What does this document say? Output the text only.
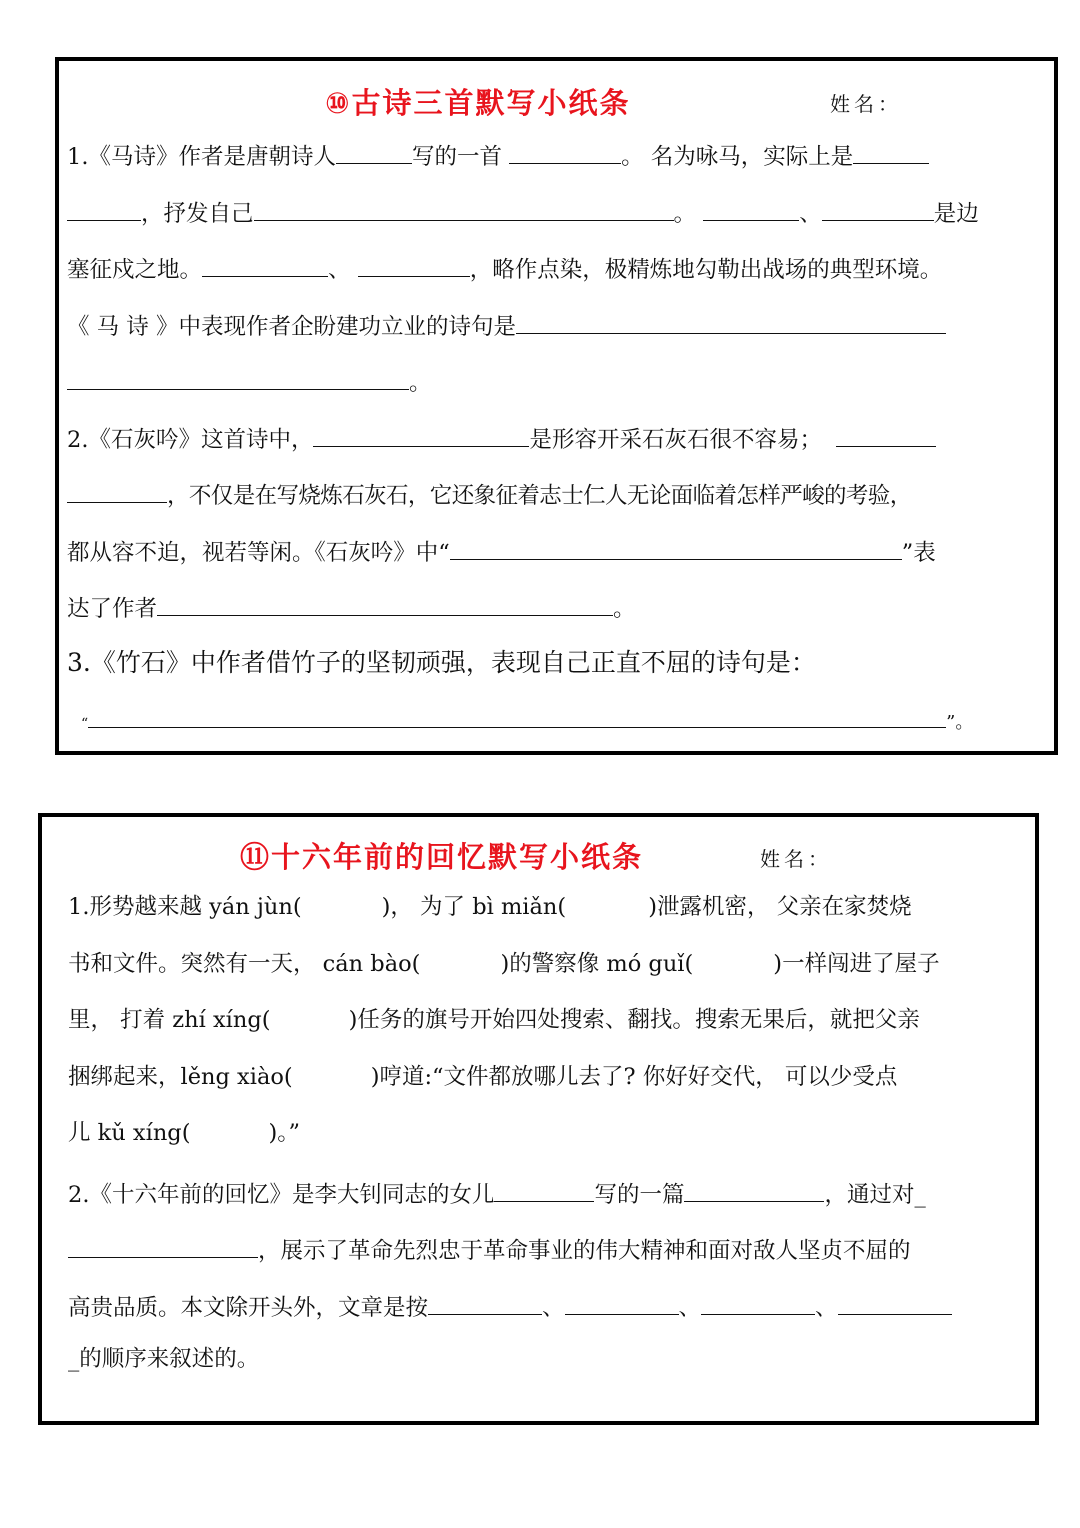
⑩古诗三首默写小纸条	姓名：
1.《马诗》作者是唐朝诗人	写的一首	。 名为咏马，实际上是
，抒发自己	。	、	是边
塞征戍之地。	、	，略作点染，极精炼地勾勒出战场的典型环境。
《 马 诗 》中表现作者企盼建功立业的诗句是
。
2.《石灰吟》这首诗中，	是形容开采石灰石很不容易；
，不仅是在写烧炼石灰石，它还象征着志士仁人无论面临着怎样严峻的考验，
都从容不迫，视若等闲。《石灰吟》中“	”表
达了作者	。
3.《竹石》中作者借竹子的坚韧顽强，表现自己正直不屈的诗句是：
“	”。
⑪十六年前的回忆默写小纸条	姓名：
1.形势越来越 yán jùn(	)， 为了 bì miǎn(	)泄露机密， 父亲在家焚烧
书和文件。突然有一天， cán bào(	)的警察像 mó guǐ(	)一样闯进了屋子
里， 打着 zhí xíng(	)任务的旗号开始四处搜索、翻找。搜索无果后，就把父亲
捆绑起来，lěng xiào(	)哼道:“文件都放哪儿去了? 你好好交代， 可以少受点
儿 kǔ xíng(	)。”
2.《十六年前的回忆》是李大钊同志的女儿	写的一篇	，通过对_
，展示了革命先烈忠于革命事业的伟大精神和面对敌人坚贞不屈的
高贵品质。本文除开头外，文章是按	、	、	、
_的顺序来叙述的。
